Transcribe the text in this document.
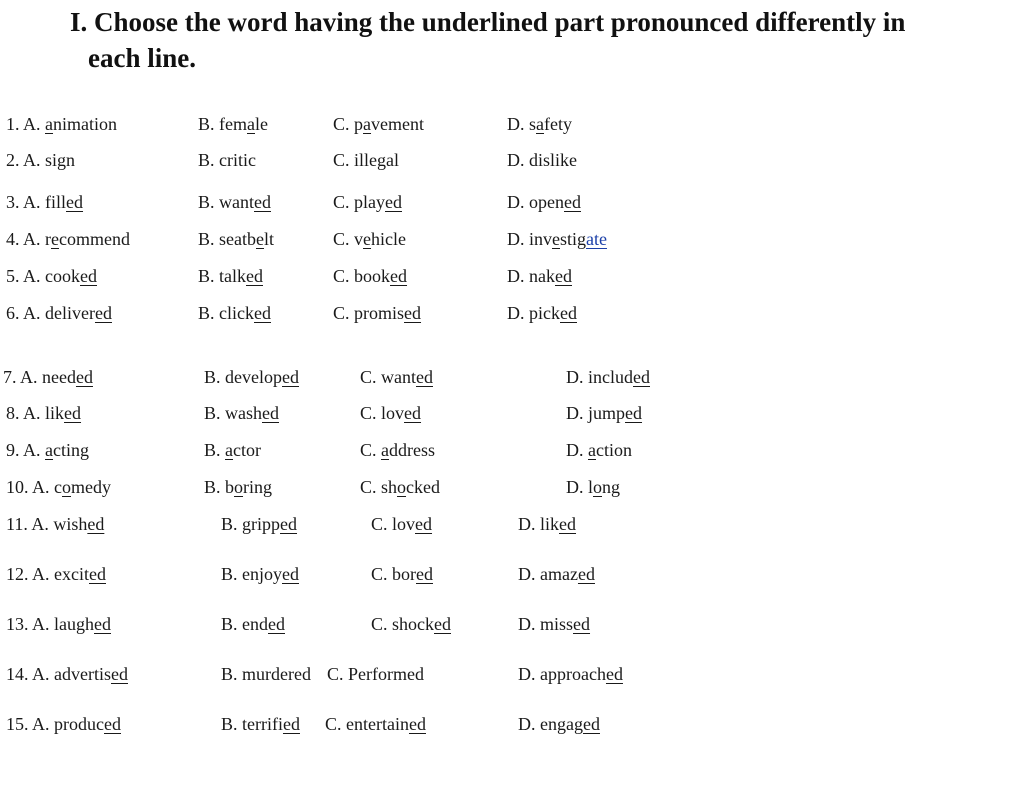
I. Choose the word having the underlined part pronounced differently in
each line.
1. A. animation	B. female	C. pavement	D. safety
2. A. sign	B. critic	C. illegal	D. dislike
3. A. filled	B. wanted	C. played	D. opened
4. A. recommend	B. seatbelt	C. vehicle	D. investigate
5. A. cooked	B. talked	C. booked	D. naked
6. A. delivered	B. clicked	C. promised	D. picked
7. A. needed	B. developed	C. wanted	D. included
8. A. liked	B. washed	C. loved	D. jumped
9. A. acting	B. actor	C. address	D. action
10. A. comedy	B. boring	C. shocked	D. long
11. A. wished	B. gripped	C. loved	D. liked
12. A. excited	B. enjoyed	C. bored	D. amazed
13. A. laughed	B. ended	C. shocked	D. missed
14. A. advertised	B. murdered C. Performed	D. approached
15. A. produced	B. terrified C. entertained	D. engaged
